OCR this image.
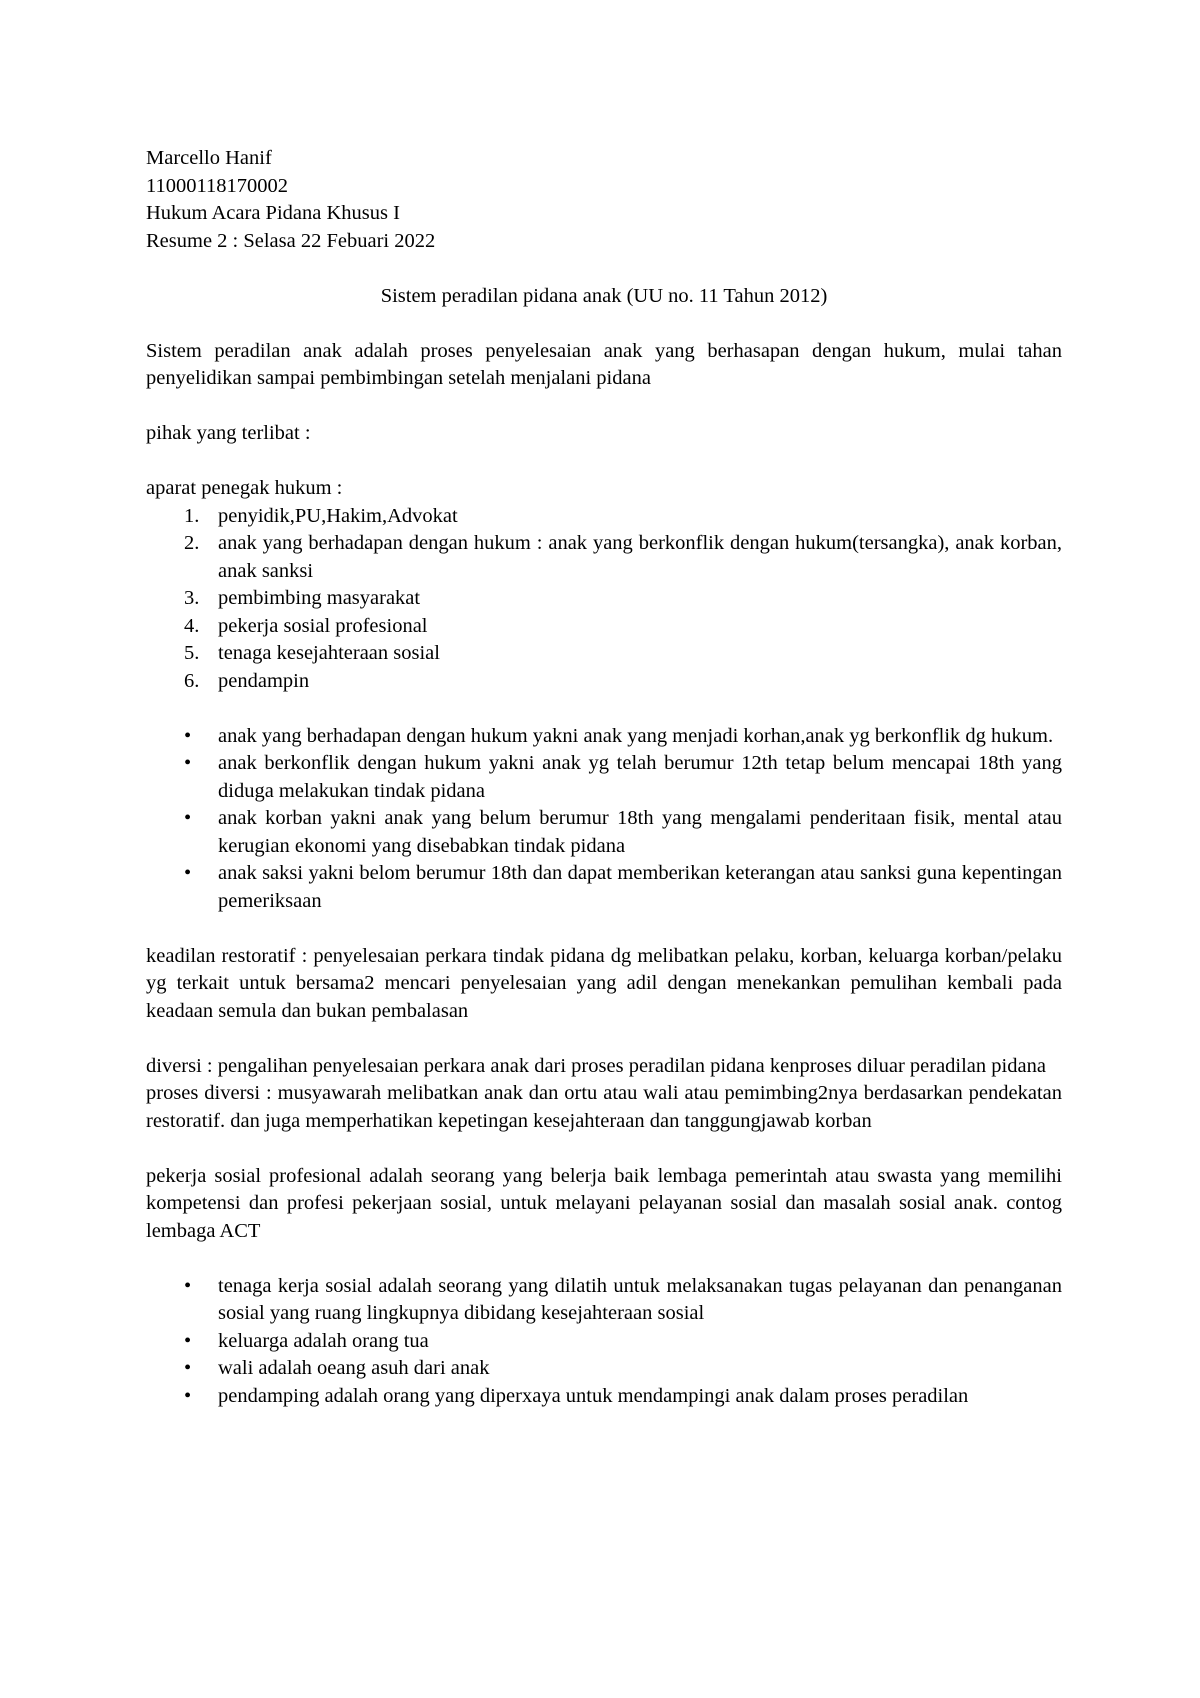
Marcello Hanif
11000118170002
Hukum Acara Pidana Khusus I
Resume 2 : Selasa 22 Febuari 2022
Sistem peradilan pidana anak (UU no. 11 Tahun 2012)

Sistem peradilan anak adalah proses penyelesaian anak yang berhasapan dengan hukum, mulai tahan penyelidikan sampai pembimbingan setelah menjalani pidana

pihak yang terlibat :
aparat penegak hukum :
1. penyidik,PU,Hakim,Advokat
2. anak yang berhadapan dengan hukum : anak yang berkonflik dengan hukum(tersangka), anak korban, anak sanksi
3. pembimbing masyarakat
4. pekerja sosial profesional
5. tenaga kesejahteraan sosial
6. pendampin
• anak yang berhadapan dengan hukum yakni anak yang menjadi korhan,anak yg berkonflik dg hukum.
• anak berkonflik dengan hukum yakni anak yg telah berumur 12th tetap belum mencapai 18th yang diduga melakukan tindak pidana
• anak korban yakni anak yang belum berumur 18th yang mengalami penderitaan fisik, mental atau kerugian ekonomi yang disebabkan tindak pidana
• anak saksi yakni belom berumur 18th dan dapat memberikan keterangan atau sanksi guna kepentingan pemeriksaan

keadilan restoratif : penyelesaian perkara tindak pidana dg melibatkan pelaku, korban, keluarga korban/pelaku yg terkait untuk bersama2 mencari penyelesaian yang adil dengan menekankan pemulihan kembali pada keadaan semula dan bukan pembalasan

diversi : pengalihan penyelesaian perkara anak dari proses peradilan pidana kenproses diluar peradilan pidana

proses diversi : musyawarah melibatkan anak dan ortu atau wali atau pemimbing2nya berdasarkan pendekatan restoratif. dan juga memperhatikan kepetingan kesejahteraan dan tanggungjawab korban

pekerja sosial profesional adalah seorang yang belerja baik lembaga pemerintah atau swasta yang memilihi kompetensi dan profesi pekerjaan sosial, untuk melayani pelayanan sosial dan masalah sosial anak. contog lembaga ACT

• tenaga kerja sosial adalah seorang yang dilatih untuk melaksanakan tugas pelayanan dan penanganan sosial yang ruang lingkupnya dibidang kesejahteraan sosial
• keluarga adalah orang tua
• wali adalah oeang asuh dari anak
• pendamping adalah orang yang diperxaya untuk mendampingi anak dalam proses peradilan
